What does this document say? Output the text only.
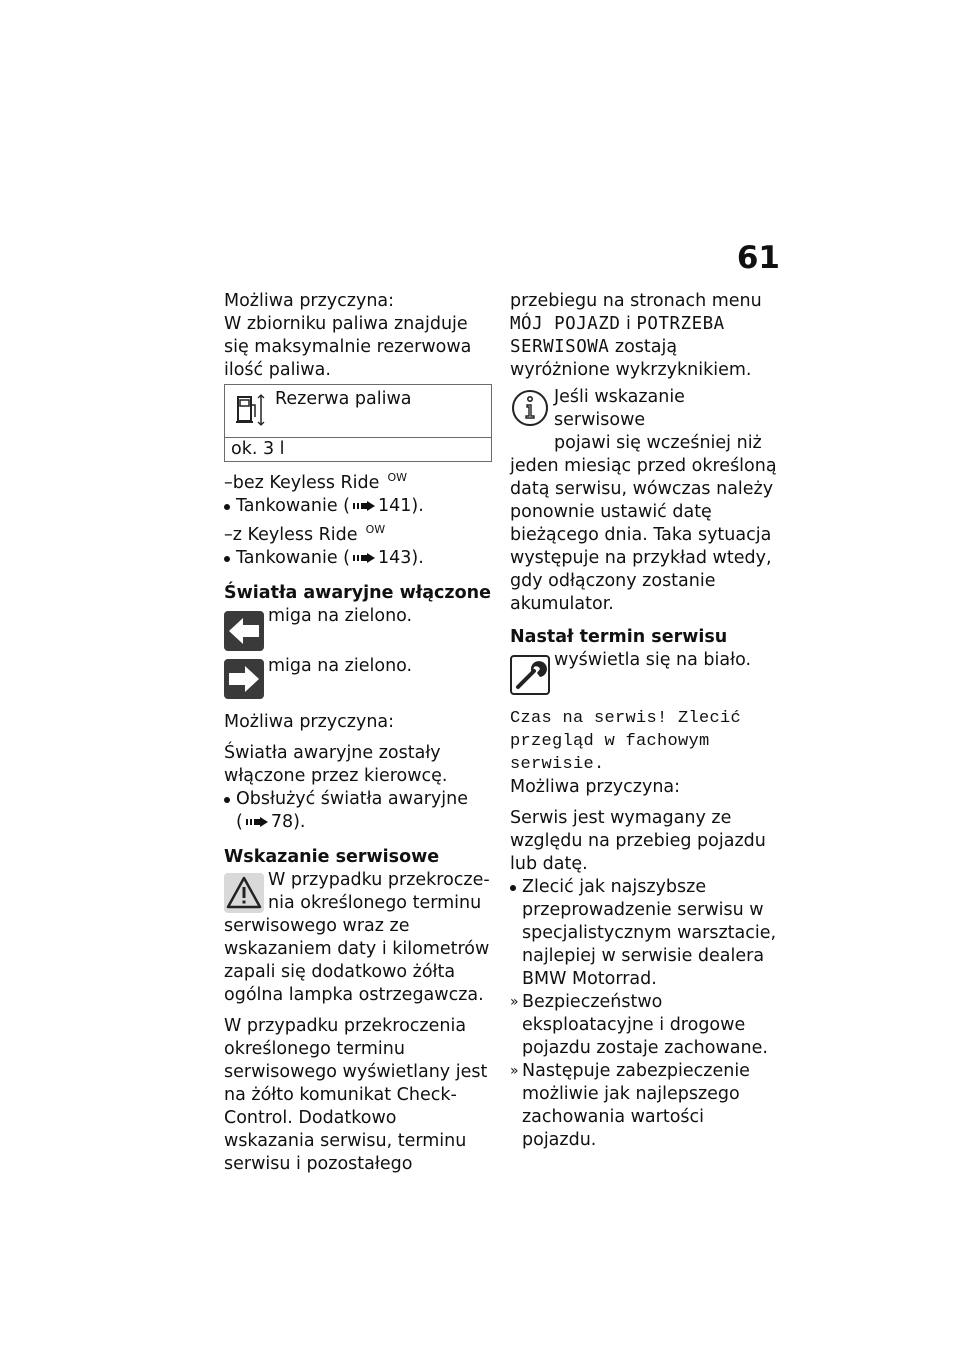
61

Możliwa przyczyna:

W zbiorniku paliwa znajduje się maksymalnie rezerwowa ilość paliwa.

Rezerwa paliwa
ok. 3 l

–bez Keyless Ride $^{OW}$

Tankowanie ( 141).

–z Keyless Ride $^{OW}$

Tankowanie ( 143).

Światła awaryjne włączone

miga na zielono.

miga na zielono.

Możliwa przyczyna:

Światła awaryjne zostały włączone przez kierowcę.

Obsłużyć światła awaryjne

( 78).

Wskazanie serwisowe

W przypadku przekrocze-

nia określonego terminu

serwisowego wraz ze wskazaniem daty i kilometrów zapali się dodatkowo żółta ogólna lampka ostrzegawcza.

W przypadku przekroczenia określonego terminu serwisowego wyświetlany jest na żółto komunikat Check-Control. Dodatkowo wskazania serwisu, terminu serwisu i pozostałego

przebiegu na stronach menu MÓJ POJAZD i POTRZEBA SERWISOWA zostają wyróżnione wykrzyknikiem.

Jeśli wskazanie serwisowe

pojawi się wcześniej niż

jeden miesiąc przed określoną datą serwisu, wówczas należy ponownie ustawić datę bieżącego dnia. Taka sytuacja występuje na przykład wtedy, gdy odłączony zostanie akumulator.

Nastał termin serwisu

wyświetla się na biało.

Czas na serwis! Zlecić przegląd w fachowym serwisie.

Możliwa przyczyna:

Serwis jest wymagany ze względu na przebieg pojazdu lub datę.

Zlecić jak najszybsze przeprowadzenie serwisu w specjalistycznym warsztacie, najlepiej w serwisie dealera BMW Motorrad.

» Bezpieczeństwo eksploatacyjne i drogowe pojazdu zostaje zachowane.

» Następuje zabezpieczenie możliwie jak najlepszego zachowania wartości pojazdu.
